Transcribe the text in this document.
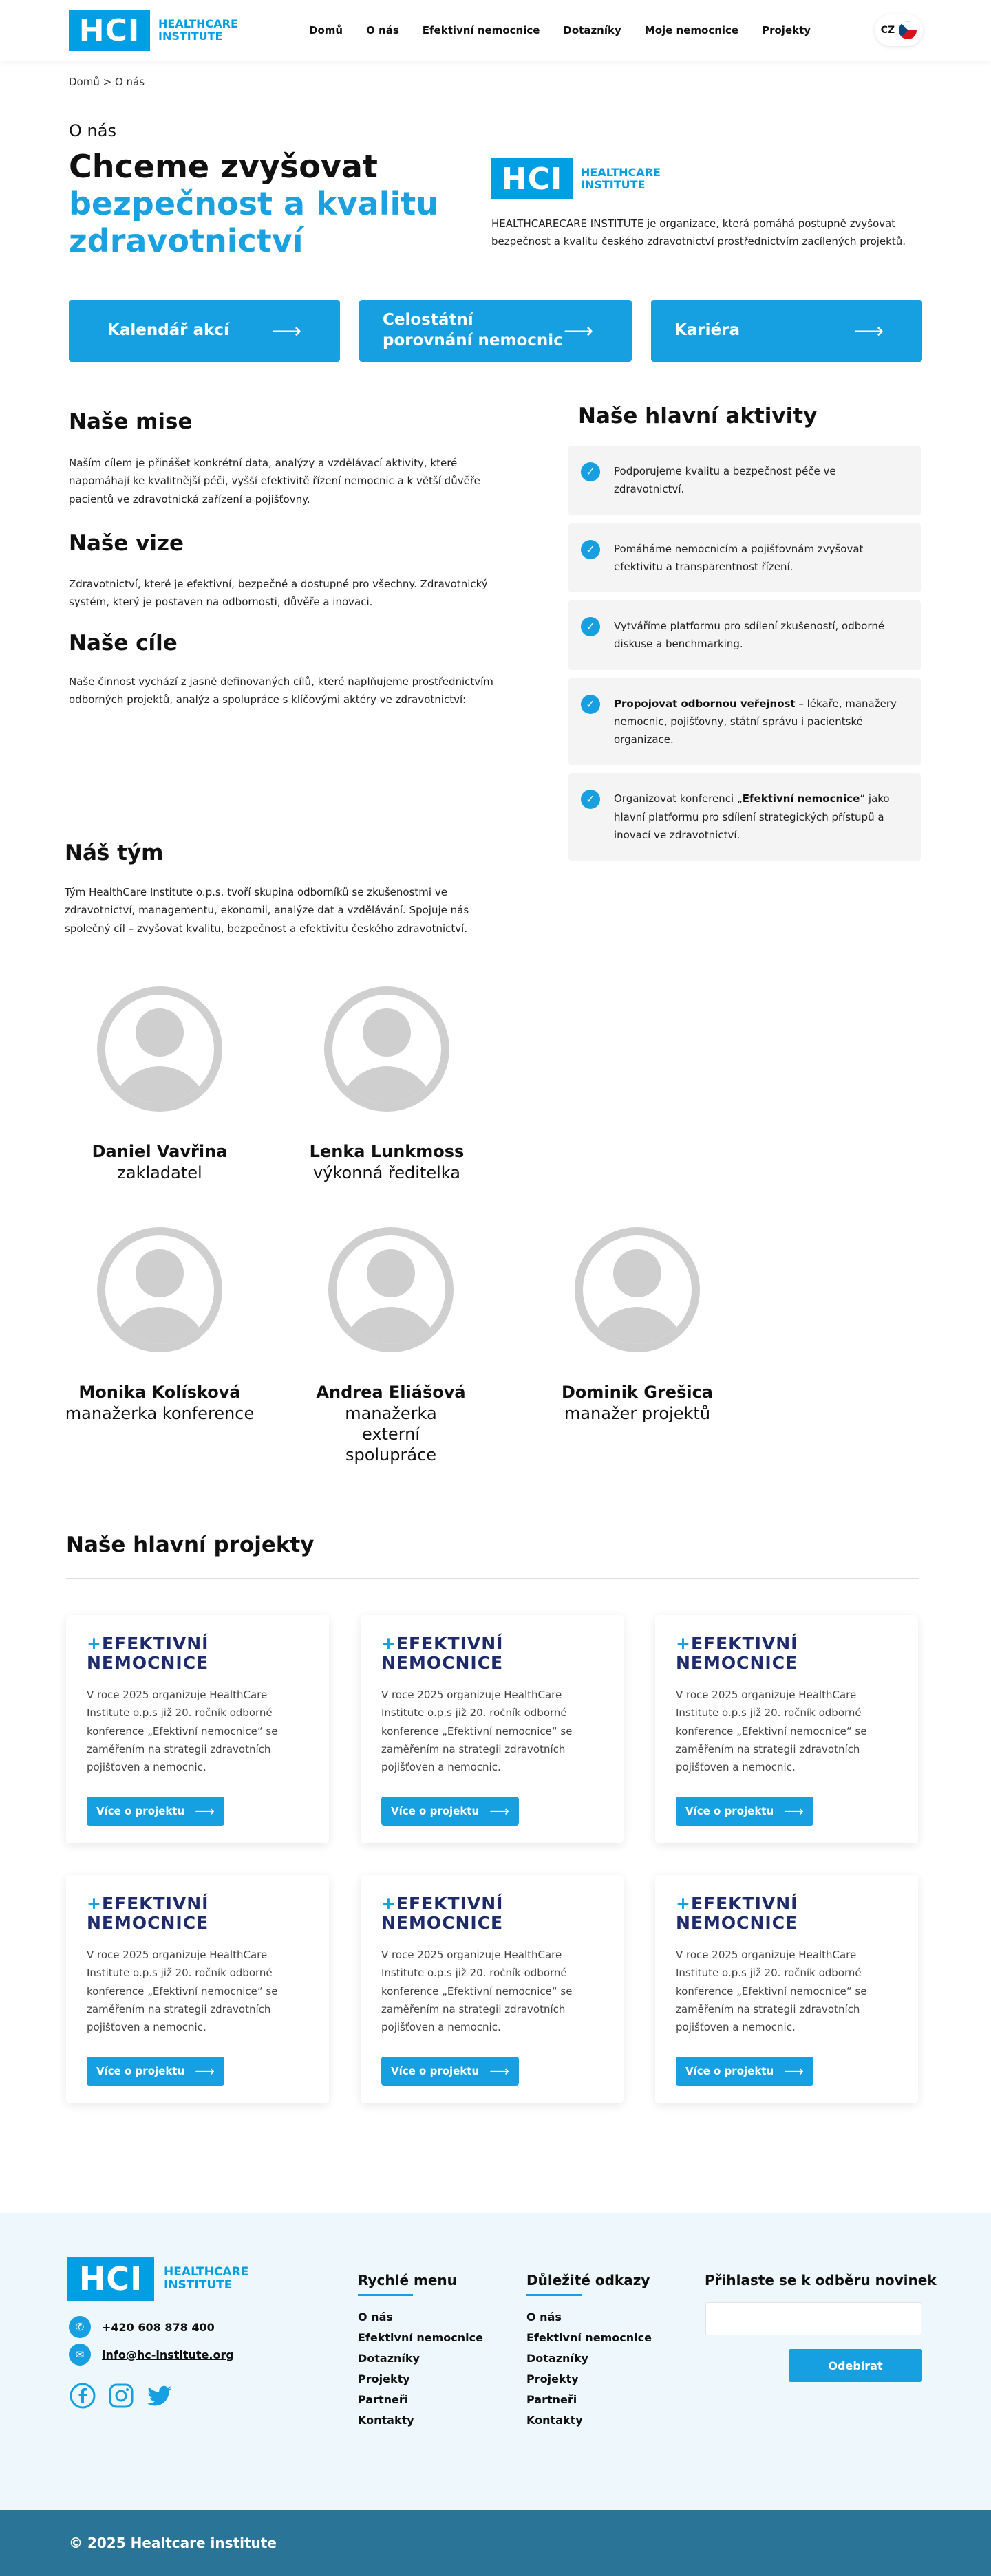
HCI	HEALTHCARE
INSTITUTE	Domů O nás Efektivní nemocnice Dotazníky Moje nemocnice Projekty	CZ
Domů > O nás
O nás
Chceme zvyšovat
bezpečnost a kvalitu zdravotnictví
HCI	HEALTHCARE
INSTITUTE

HEALTHCARECARE INSTITUTE je organizace, která pomáhá postupně zvyšovat bezpečnost a kvalitu českého zdravotnictví prostřednictvím zacílených projektů.

Kalendář akcí ⟶	Celostátní porovnání nemocnic ⟶	Kariéra	⟶
Naše mise

Naším cílem je přinášet konkrétní data, analýzy a vzdělávací aktivity, které napomáhají ke kvalitnější péči, vyšší efektivitě řízení nemocnic a k větší důvěře pacientů ve zdravotnická zařízení a pojišťovny.

Naše vize

Zdravotnictví, které je efektivní, bezpečné a dostupné pro všechny. Zdravotnický systém, který je postaven na odbornosti, důvěře a inovaci.

Naše cíle

Naše činnost vychází z jasně definovaných cílů, které naplňujeme prostřednictvím odborných projektů, analýz a spolupráce s klíčovými aktéry ve zdravotnictví:

Naše hlavní aktivity
✓	Podporujeme kvalitu a bezpečnost péče ve zdravotnictví.
✓	Pomáháme nemocnicím a pojišťovnám zvyšovat efektivitu a transparentnost řízení.
✓	Vytváříme platformu pro sdílení zkušeností, odborné diskuse a benchmarking.
✓	Propojovat odbornou veřejnost – lékaře, manažery nemocnic, pojišťovny, státní správu i pacientské organizace.
✓	Organizovat konferenci „Efektivní nemocnice“ jako hlavní platformu pro sdílení strategických přístupů a inovací ve zdravotnictví.
Náš tým

Tým HealthCare Institute o.p.s. tvoří skupina odborníků se zkušenostmi ve zdravotnictví, managementu, ekonomii, analýze dat a vzdělávání. Spojuje nás společný cíl – zvyšovat kvalitu, bezpečnost a efektivitu českého zdravotnictví.

Daniel Vavřina
zakladatel
Lenka Lunkmoss
výkonná ředitelka
Monika Kolísková
manažerka konference
Andrea Eliášová
manažerka externí spolupráce
Dominik Grešica
manažer projektů
Naše hlavní projekty
+EFEKTIVNÍ
NEMOCNICE

V roce 2025 organizuje HealthCare Institute o.p.s již 20. ročník odborné konference „Efektivní nemocnice“ se zaměřením na strategii zdravotních pojišťoven a nemocnic.

Více o projektu ⟶
+EFEKTIVNÍ
NEMOCNICE

V roce 2025 organizuje HealthCare Institute o.p.s již 20. ročník odborné konference „Efektivní nemocnice“ se zaměřením na strategii zdravotních pojišťoven a nemocnic.

Více o projektu ⟶
+EFEKTIVNÍ
NEMOCNICE

V roce 2025 organizuje HealthCare Institute o.p.s již 20. ročník odborné konference „Efektivní nemocnice“ se zaměřením na strategii zdravotních pojišťoven a nemocnic.

Více o projektu ⟶
+EFEKTIVNÍ
NEMOCNICE

V roce 2025 organizuje HealthCare Institute o.p.s již 20. ročník odborné konference „Efektivní nemocnice“ se zaměřením na strategii zdravotních pojišťoven a nemocnic.

Více o projektu ⟶
+EFEKTIVNÍ
NEMOCNICE

V roce 2025 organizuje HealthCare Institute o.p.s již 20. ročník odborné konference „Efektivní nemocnice“ se zaměřením na strategii zdravotních pojišťoven a nemocnic.

Více o projektu ⟶
+EFEKTIVNÍ
NEMOCNICE

V roce 2025 organizuje HealthCare Institute o.p.s již 20. ročník odborné konference „Efektivní nemocnice“ se zaměřením na strategii zdravotních pojišťoven a nemocnic.

Více o projektu ⟶
HCI	HEALTHCARE
INSTITUTE
✆	+420 608 878 400
✉	info@hc-institute.org
Rychlé menu
O nás
Efektivní nemocnice
Dotazníky
Projekty
Partneři
Kontakty
Důležité odkazy
O nás
Efektivní nemocnice
Dotazníky
Projekty
Partneři
Kontakty
Přihlaste se k odběru novinek
Odebírat
© 2025 Healtcare institute
